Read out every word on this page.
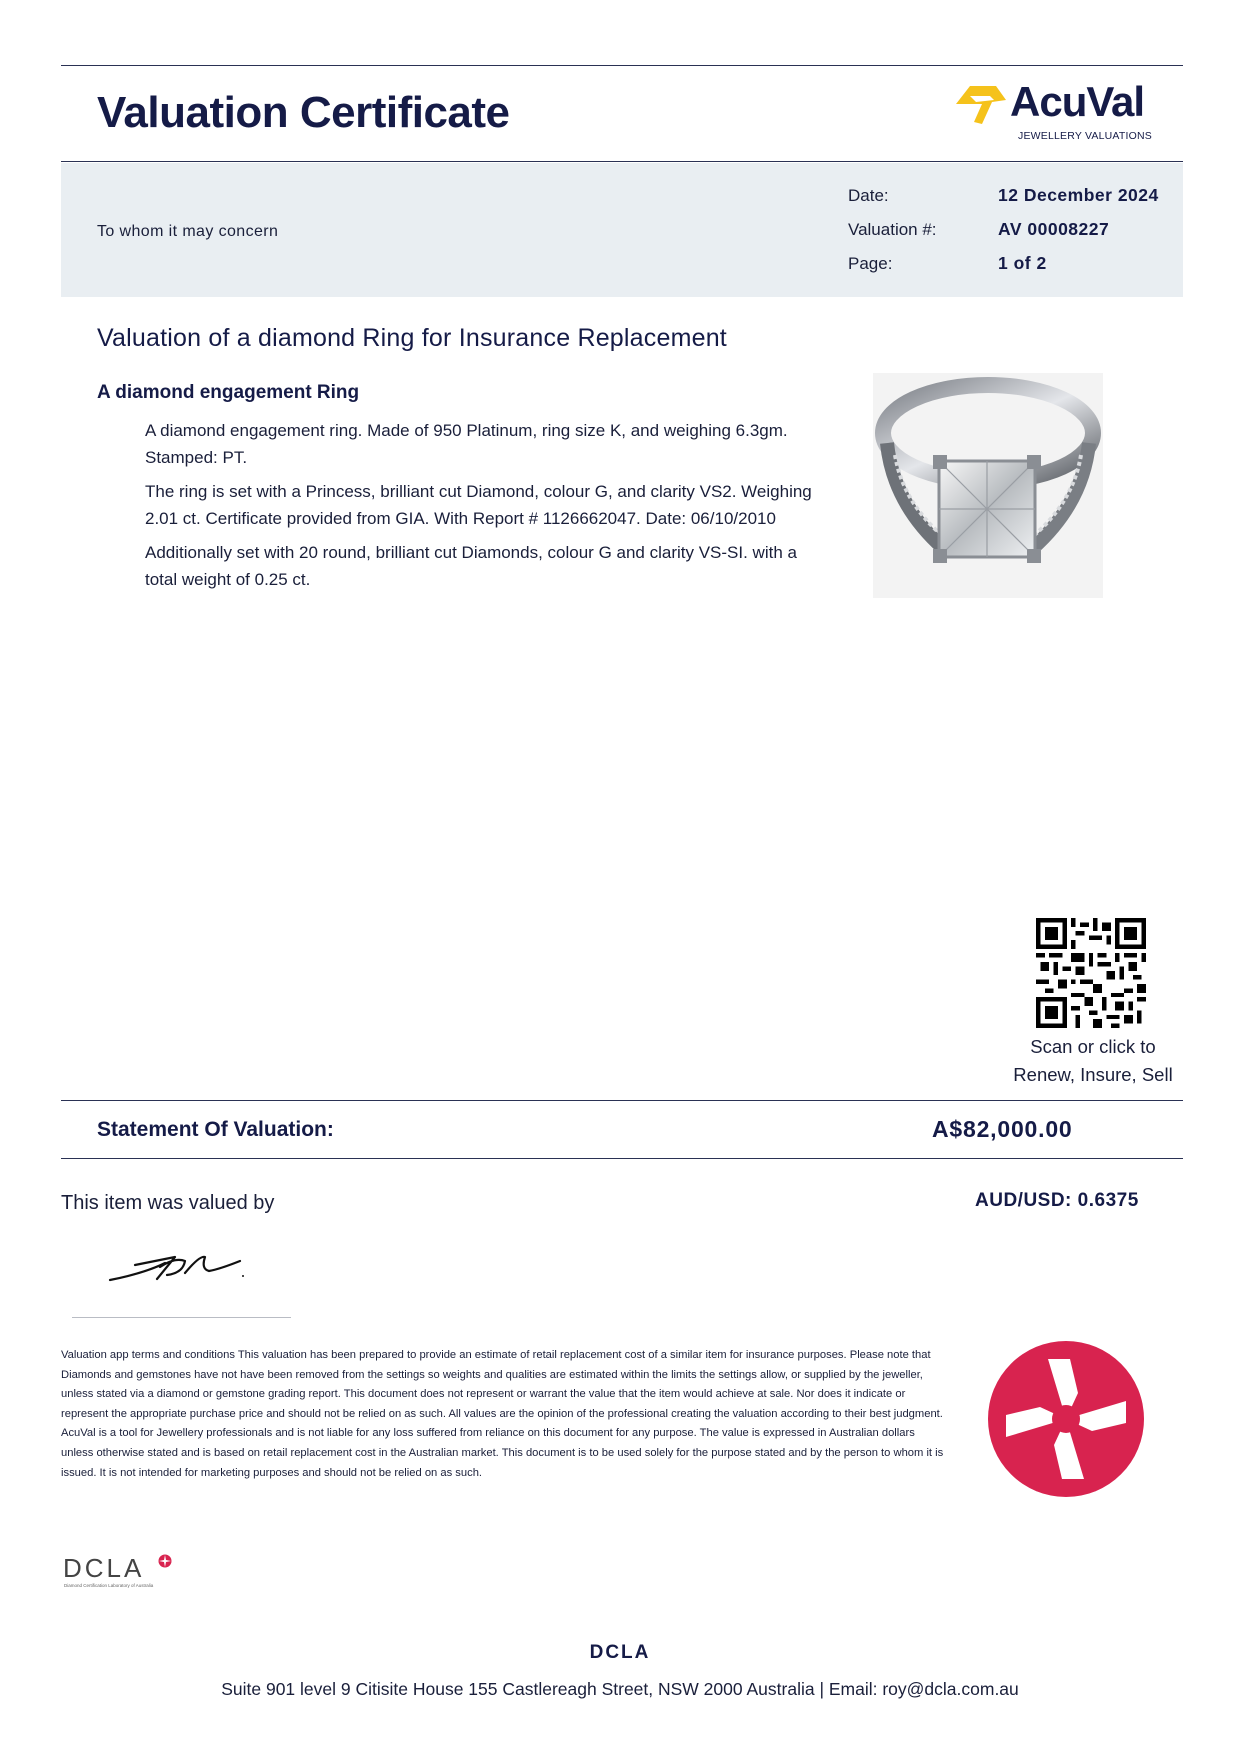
Valuation Certificate	AcuVal
JEWELLERY VALUATIONS
To whom it may concern
Date:	12 December 2024
Valuation #:	AV 00008227
Page:	1 of 2
Valuation of a diamond Ring for Insurance Replacement
A diamond engagement Ring

A diamond engagement ring. Made of 950 Platinum, ring size K, and weighing 6.3gm. Stamped: PT.

The ring is set with a Princess, brilliant cut Diamond, colour G, and clarity VS2. Weighing 2.01 ct. Certificate provided from GIA. With Report # 1126662047. Date: 06/10/2010

Additionally set with 20 round, brilliant cut Diamonds, colour G and clarity VS-SI. with a total weight of 0.25 ct.

Scan or click to
Renew, Insure, Sell
Statement Of Valuation:	A$82,000.00
This item was valued by	AUD/USD: 0.6375

Valuation app terms and conditions This valuation has been prepared to provide an estimate of retail replacement cost of a similar item for insurance purposes. Please note that Diamonds and gemstones have not have been removed from the settings so weights and qualities are estimated within the limits the settings allow, or supplied by the jeweller, unless stated via a diamond or gemstone grading report. This document does not represent or warrant the value that the item would achieve at sale. Nor does it indicate or represent the appropriate purchase price and should not be relied on as such. All values are the opinion of the professional creating the valuation according to their best judgment. AcuVal is a tool for Jewellery professionals and is not liable for any loss suffered from reliance on this document for any purpose. The value is expressed in Australian dollars unless otherwise stated and is based on retail replacement cost in the Australian market. This document is to be used solely for the purpose stated and by the person to whom it is issued. It is not intended for marketing purposes and should not be relied on as such.

DCLA
Diamond Certification Laboratory of Australia
DCLA
Suite 901 level 9 Citisite House 155 Castlereagh Street, NSW 2000 Australia | Email: roy@dcla.com.au
